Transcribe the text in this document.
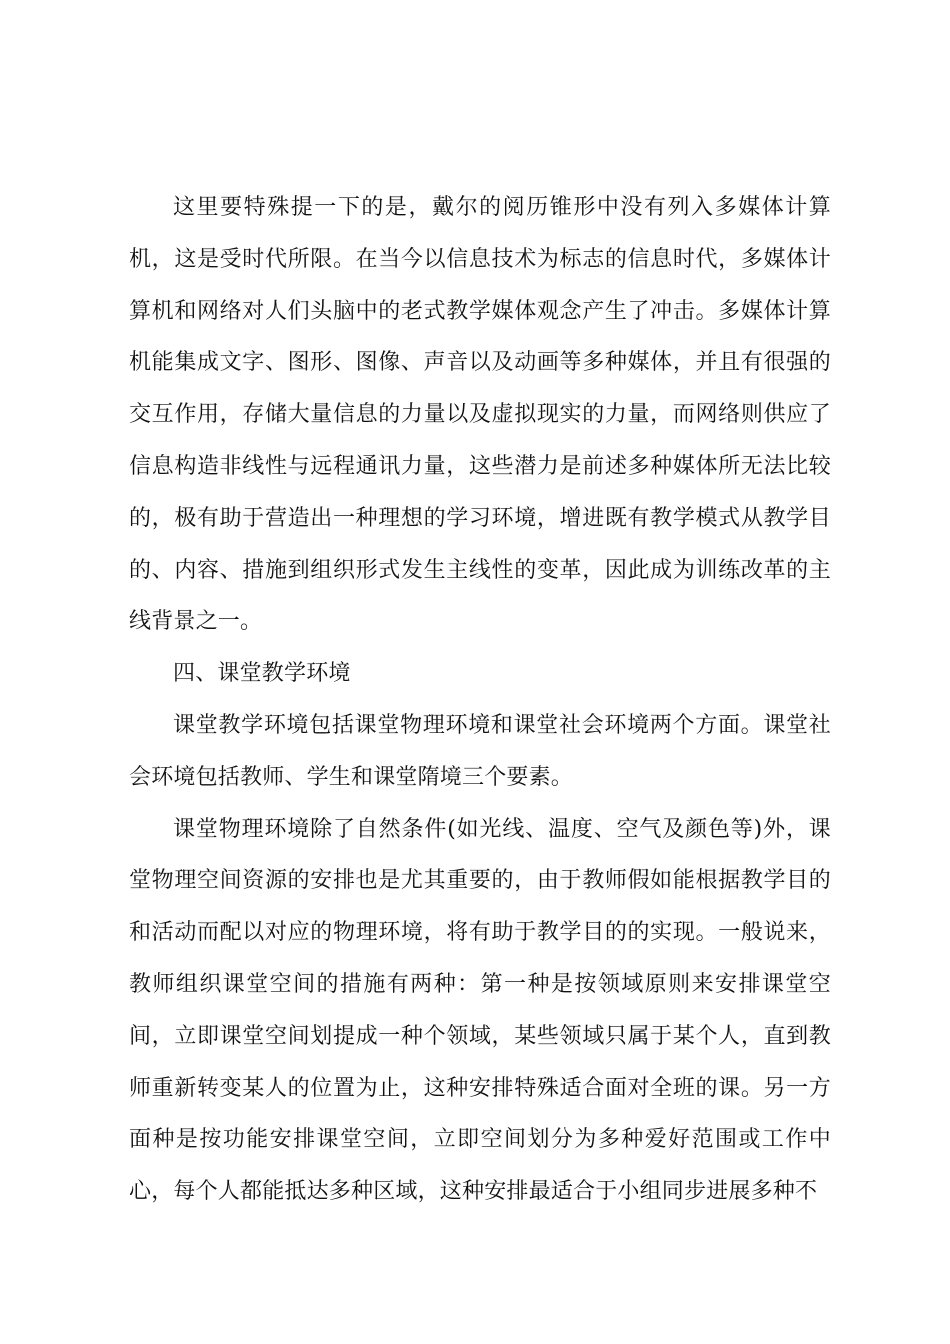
这里要特殊提一下的是，戴尔的阅历锥形中没有列入多媒体计算机，这是受时代所限。在当今以信息技术为标志的信息时代，多媒体计算机和网络对人们头脑中的老式教学媒体观念产生了冲击。多媒体计算机能集成文字、图形、图像、声音以及动画等多种媒体，并且有很强的交互作用，存储大量信息的力量以及虚拟现实的力量，而网络则供应了信息构造非线性与远程通讯力量，这些潜力是前述多种媒体所无法比较的，极有助于营造出一种理想的学习环境，增进既有教学模式从教学目的、内容、措施到组织形式发生主线性的变革，因此成为训练改革的主线背景之一。

四、课堂教学环境

课堂教学环境包括课堂物理环境和课堂社会环境两个方面。课堂社会环境包括教师、学生和课堂隋境三个要素。

课堂物理环境除了自然条件(如光线、温度、空气及颜色等)外，课堂物理空间资源的安排也是尤其重要的，由于教师假如能根据教学目的和活动而配以对应的物理环境，将有助于教学目的的实现。一般说来，教师组织课堂空间的措施有两种：第一种是按领域原则来安排课堂空间，立即课堂空间划提成一种个领域，某些领域只属于某个人，直到教师重新转变某人的位置为止，这种安排特殊适合面对全班的课。另一方面种是按功能安排课堂空间，立即空间划分为多种爱好范围或工作中心，每个人都能抵达多种区域，这种安排最适合于小组同步进展多种不
